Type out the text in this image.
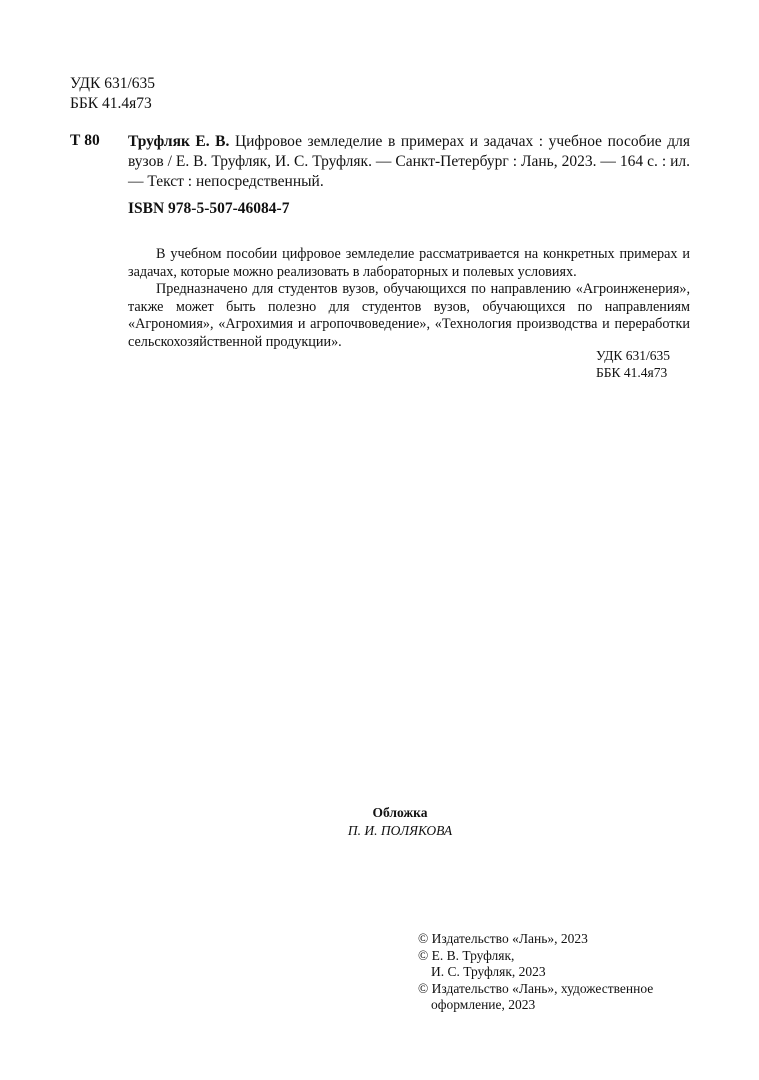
УДК 631/635
ББК 41.4я73
Т 80 Труфляк Е. В. Цифровое земледелие в примерах и задачах : учебное пособие для вузов / Е. В. Труфляк, И. С. Труфляк. — Санкт-Петербург : Лань, 2023. — 164 с. : ил. — Текст : непосредственный.
ISBN 978-5-507-46084-7

В учебном пособии цифровое земледелие рассматривается на конкретных примерах и задачах, которые можно реализовать в лабораторных и полевых условиях.

Предназначено для студентов вузов, обучающихся по направлению «Агроинженерия», также может быть полезно для студентов вузов, обучающихся по направлениям «Агрономия», «Агрохимия и агропочвоведение», «Технология производства и переработки сельскохозяйственной продукции».

УДК 631/635
ББК 41.4я73
Обложка
П. И. ПОЛЯКОВА
© Издательство «Лань», 2023
© Е. В. Труфляк,
И. С. Труфляк, 2023
© Издательство «Лань», художественное
оформление, 2023
